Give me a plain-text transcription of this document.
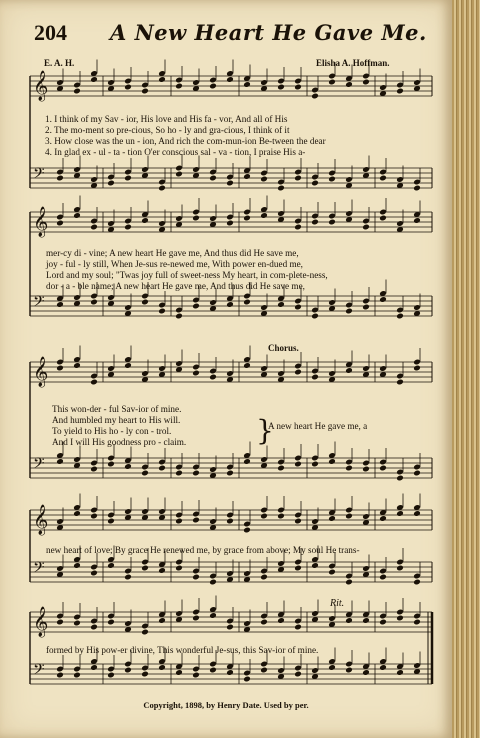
𝄞
𝄢
𝄞
𝄢
𝄞
𝄢
𝄞
𝄢
𝄞
𝄢
204 A New Heart He Gave Me.
E. A. H.	Elisha A. Hoffman.
1. I think of my Sav - ior, His love and His fa - vor, And all of His
2. The mo-ment so pre-cious, So ho - ly and gra-cious, I think of it
3. How close was the un - ion, And rich the com-mun-ion Be-tween the dear
4. In glad ex - ul - ta - tion O'er conscious sal - va - tion, I praise His a-
mer-cy di - vine; A new heart He gave me, And thus did He save me,
joy - ful - ly still, When Je-sus re-newed me, With power en-dued me,
Lord and my soul; "Twas joy full of sweet-ness My heart, in com-plete-ness,
dor - a - ble name; A new heart He gave me, And thus did He save me,
Chorus.
This won-der - ful Sav-ior of mine.
And humbled my heart to His will.
To yield to His ho - ly con - trol.
And I will His goodness pro - claim. }
A new heart He gave me, a
new heart of love; By grace He renewed me, by grace from above; My soul He trans-
Rit.
formed by His pow-er divine, This wonderful Je-sus, this Sav-ior of mine.
Copyright, 1898, by Henry Date. Used by per.
